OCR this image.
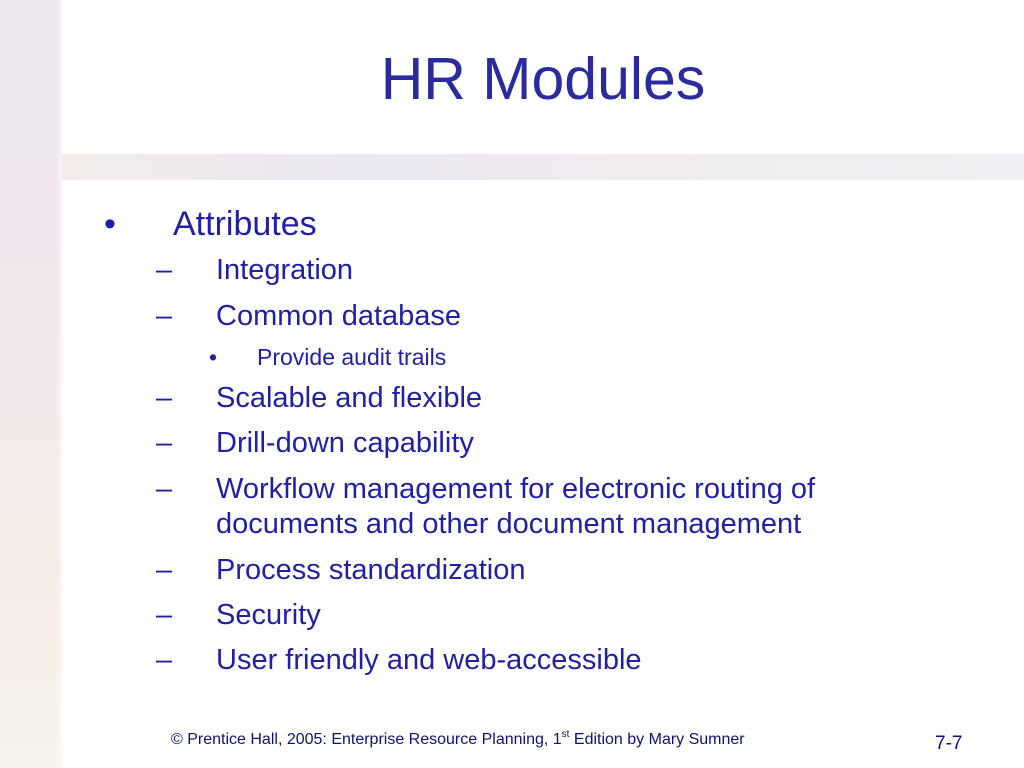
HR Modules
• Attributes
– Integration
– Common database
• Provide audit trails
– Scalable and flexible
– Drill-down capability
– Workflow management for electronic routing of
documents and other document management
– Process standardization
– Security
– User friendly and web-accessible
© Prentice Hall, 2005: Enterprise Resource Planning, 1st Edition by Mary Sumner	7-7
